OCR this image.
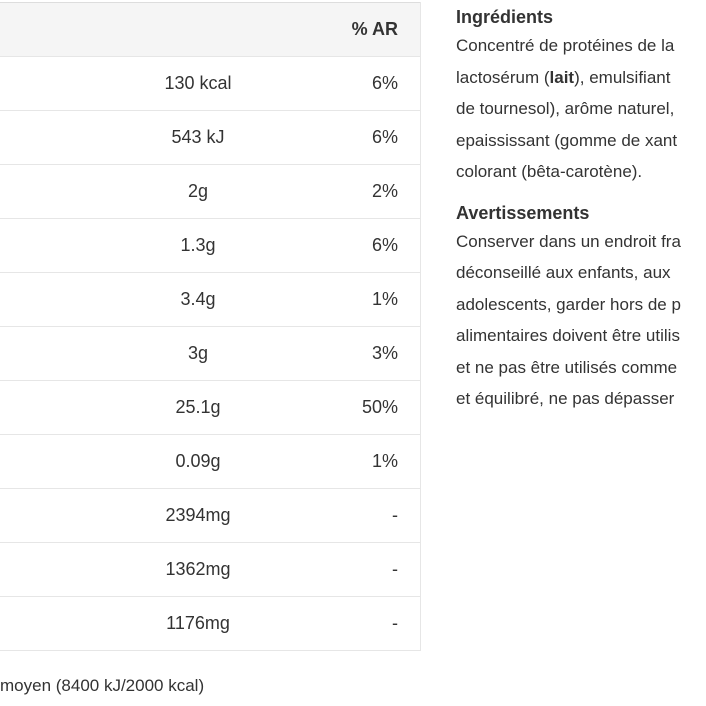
		% AR
	130 kcal	6%
	543 kJ	6%
	2g	2%
	1.3g	6%
	3.4g	1%
	3g	3%
	25.1g	50%
	0.09g	1%
	2394mg	-
	1362mg	-
	1176mg	-
moyen (8400 kJ/2000 kcal)
Ingrédients

Concentré de protéines de la

lactosérum (lait), emulsifiant

de tournesol), arôme naturel,

epaississant (gomme de xant

colorant (bêta-carotène).

Avertissements

Conserver dans un endroit fra

déconseillé aux enfants, aux

adolescents, garder hors de p

alimentaires doivent être utilis

et ne pas être utilisés comme

et équilibré, ne pas dépasser
